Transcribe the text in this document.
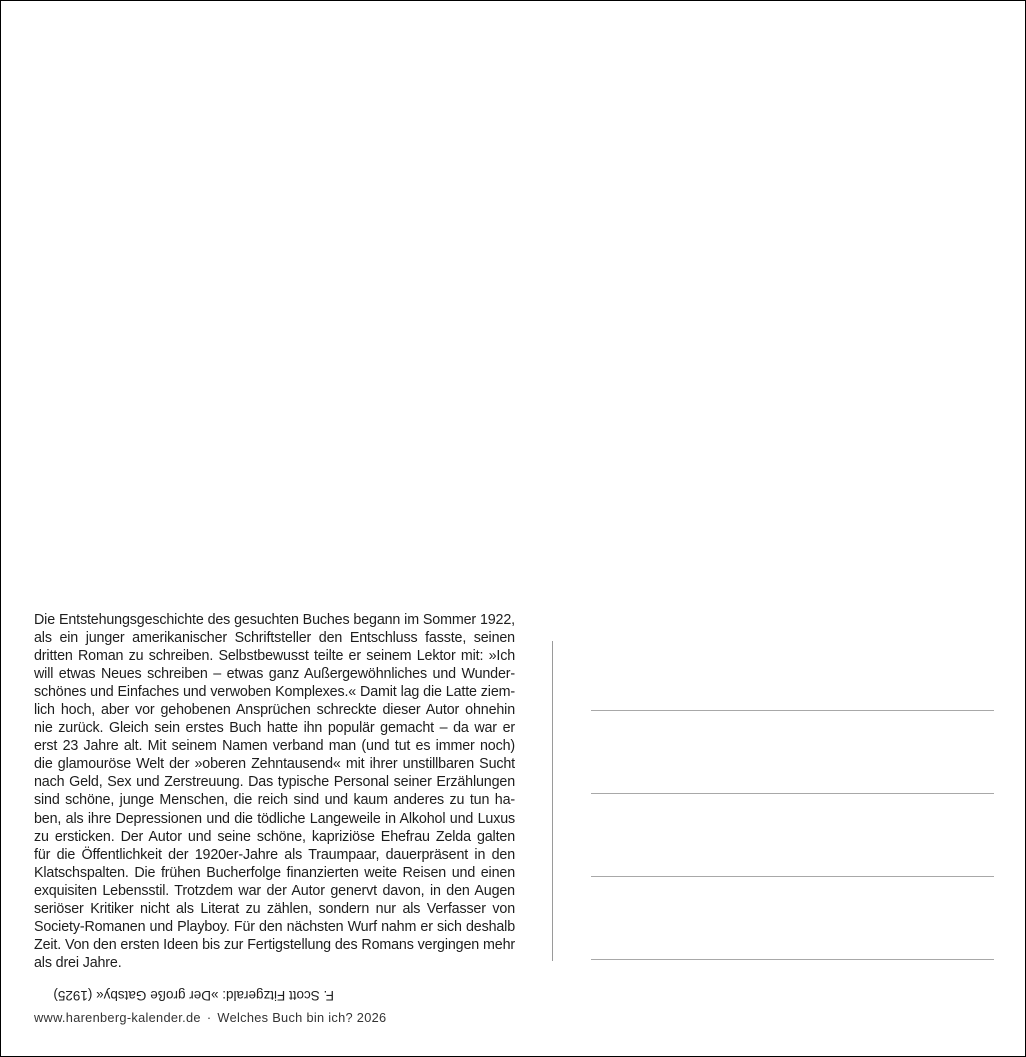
Die Entstehungsgeschichte des gesuchten Buches begann im Sommer 1922,
als ein junger amerikanischer Schriftsteller den Entschluss fasste, seinen
dritten Roman zu schreiben. Selbstbewusst teilte er seinem Lektor mit: »Ich
will etwas Neues schreiben – etwas ganz Außergewöhnliches und Wunder-
schönes und Einfaches und verwoben Komplexes.« Damit lag die Latte ziem-
lich hoch, aber vor gehobenen Ansprüchen schreckte dieser Autor ohnehin
nie zurück. Gleich sein erstes Buch hatte ihn populär gemacht – da war er
erst 23 Jahre alt. Mit seinem Namen verband man (und tut es immer noch)
die glamouröse Welt der »oberen Zehntausend« mit ihrer unstillbaren Sucht
nach Geld, Sex und Zerstreuung. Das typische Personal seiner Erzählungen
sind schöne, junge Menschen, die reich sind und kaum anderes zu tun ha-
ben, als ihre Depressionen und die tödliche Langeweile in Alkohol und Luxus
zu ersticken. Der Autor und seine schöne, kapriziöse Ehefrau Zelda galten
für die Öffentlichkeit der 1920er-Jahre als Traumpaar, dauerpräsent in den
Klatschspalten. Die frühen Bucherfolge finanzierten weite Reisen und einen
exquisiten Lebensstil. Trotzdem war der Autor genervt davon, in den Augen
seriöser Kritiker nicht als Literat zu zählen, sondern nur als Verfasser von
Society-Romanen und Playboy. Für den nächsten Wurf nahm er sich deshalb
Zeit. Von den ersten Ideen bis zur Fertigstellung des Romans vergingen mehr
als drei Jahre.
F. Scott Fitzgerald: »Der große Gatsby« (1925)
www.harenberg-kalender.de · Welches Buch bin ich? 2026
